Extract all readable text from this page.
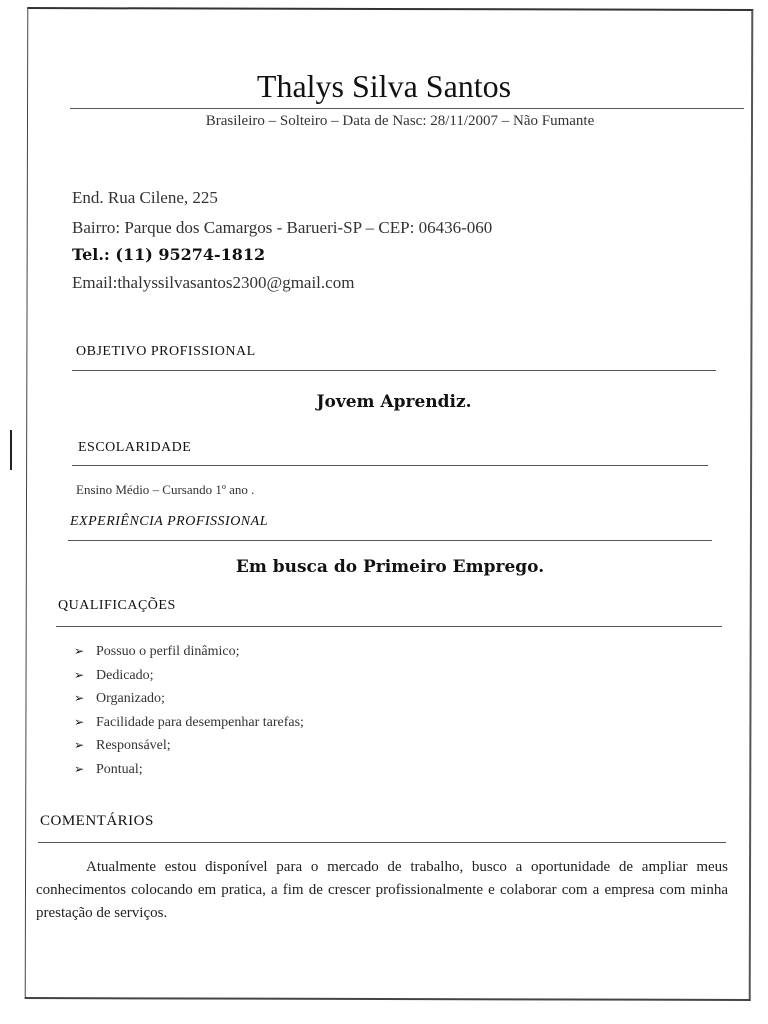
Thalys Silva Santos
Brasileiro – Solteiro – Data de Nasc: 28/11/2007 – Não Fumante
End. Rua Cilene, 225
Bairro: Parque dos Camargos - Barueri-SP – CEP: 06436-060
Tel.: (11) 95274-1812
Email:thalyssilvasantos2300@gmail.com
OBJETIVO PROFISSIONAL
Jovem Aprendiz.
ESCOLARIDADE
Ensino Médio – Cursando 1º ano .
EXPERIÊNCIA PROFISSIONAL
Em busca do Primeiro Emprego.
QUALIFICAÇÕES
➢ Possuo o perfil dinâmico;
➢ Dedicado;
➢ Organizado;
➢ Facilidade para desempenhar tarefas;
➢ Responsável;
➢ Pontual;
COMENTÁRIOS
Atualmente estou disponível para o mercado de trabalho, busco a oportunidade de ampliar meus conhecimentos colocando em pratica, a fim de crescer profissionalmente e colaborar com a empresa com minha prestação de serviços.
